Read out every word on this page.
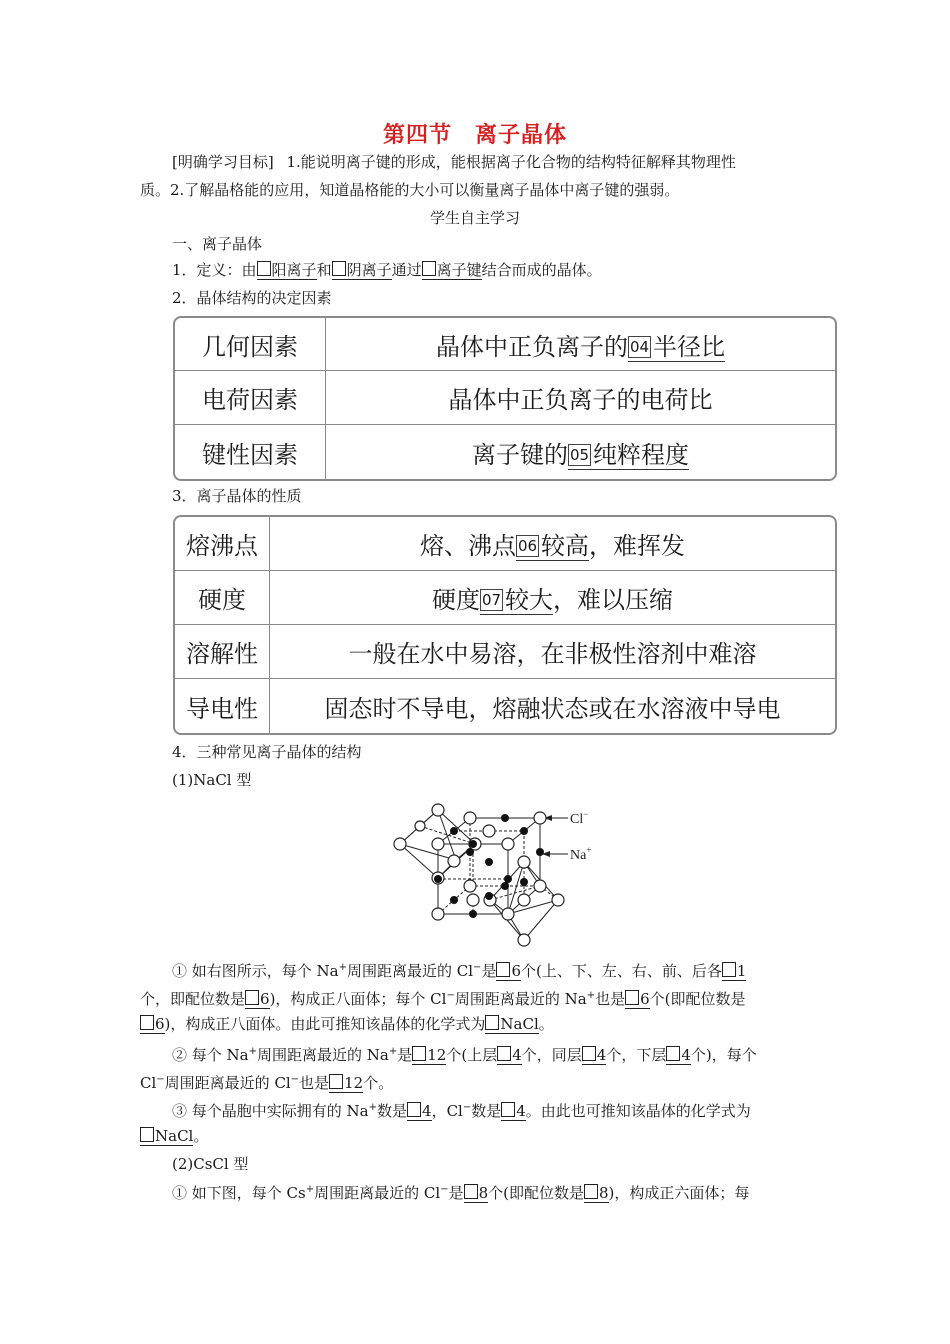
第四节　离子晶体
[明确学习目标] 1.能说明离子键的形成，能根据离子化合物的结构特征解释其物理性
质。2.了解晶格能的应用，知道晶格能的大小可以衡量离子晶体中离子键的强弱。
学生自主学习
一、离子晶体
1．定义：由 阳离子和 阴离子通过 离子键结合而成的晶体。
2．晶体结构的决定因素
几何因素	晶体中正负离子的 04 半径比
电荷因素	晶体中正负离子的电荷比
键性因素	离子键的 05 纯粹程度
3．离子晶体的性质
熔沸点	熔、沸点 06 较高，难挥发
硬度	硬度 07 较大，难以压缩
溶解性	一般在水中易溶，在非极性溶剂中难溶
导电性	固态时不导电，熔融状态或在水溶液中导电
4．三种常见离子晶体的结构
(1)NaCl 型
Cl−
Na+
① 如右图所示，每个 Na+周围距离最近的 Cl−是 6个(上、下、左、右、前、后各 1
个，即配位数是 6)，构成正八面体；每个 Cl−周围距离最近的 Na+也是 6个(即配位数是
6)，构成正八面体。由此可推知该晶体的化学式为 NaCl。
② 每个 Na+周围距离最近的 Na+是 12个(上层 4个，同层 4个，下层 4个)，每个
Cl−周围距离最近的 Cl−也是 12个。
③ 每个晶胞中实际拥有的 Na+数是 4，Cl−数是 4。由此也可推知该晶体的化学式为
NaCl。
(2)CsCl 型
① 如下图，每个 Cs+周围距离最近的 Cl−是 8个(即配位数是 8)，构成正六面体；每
